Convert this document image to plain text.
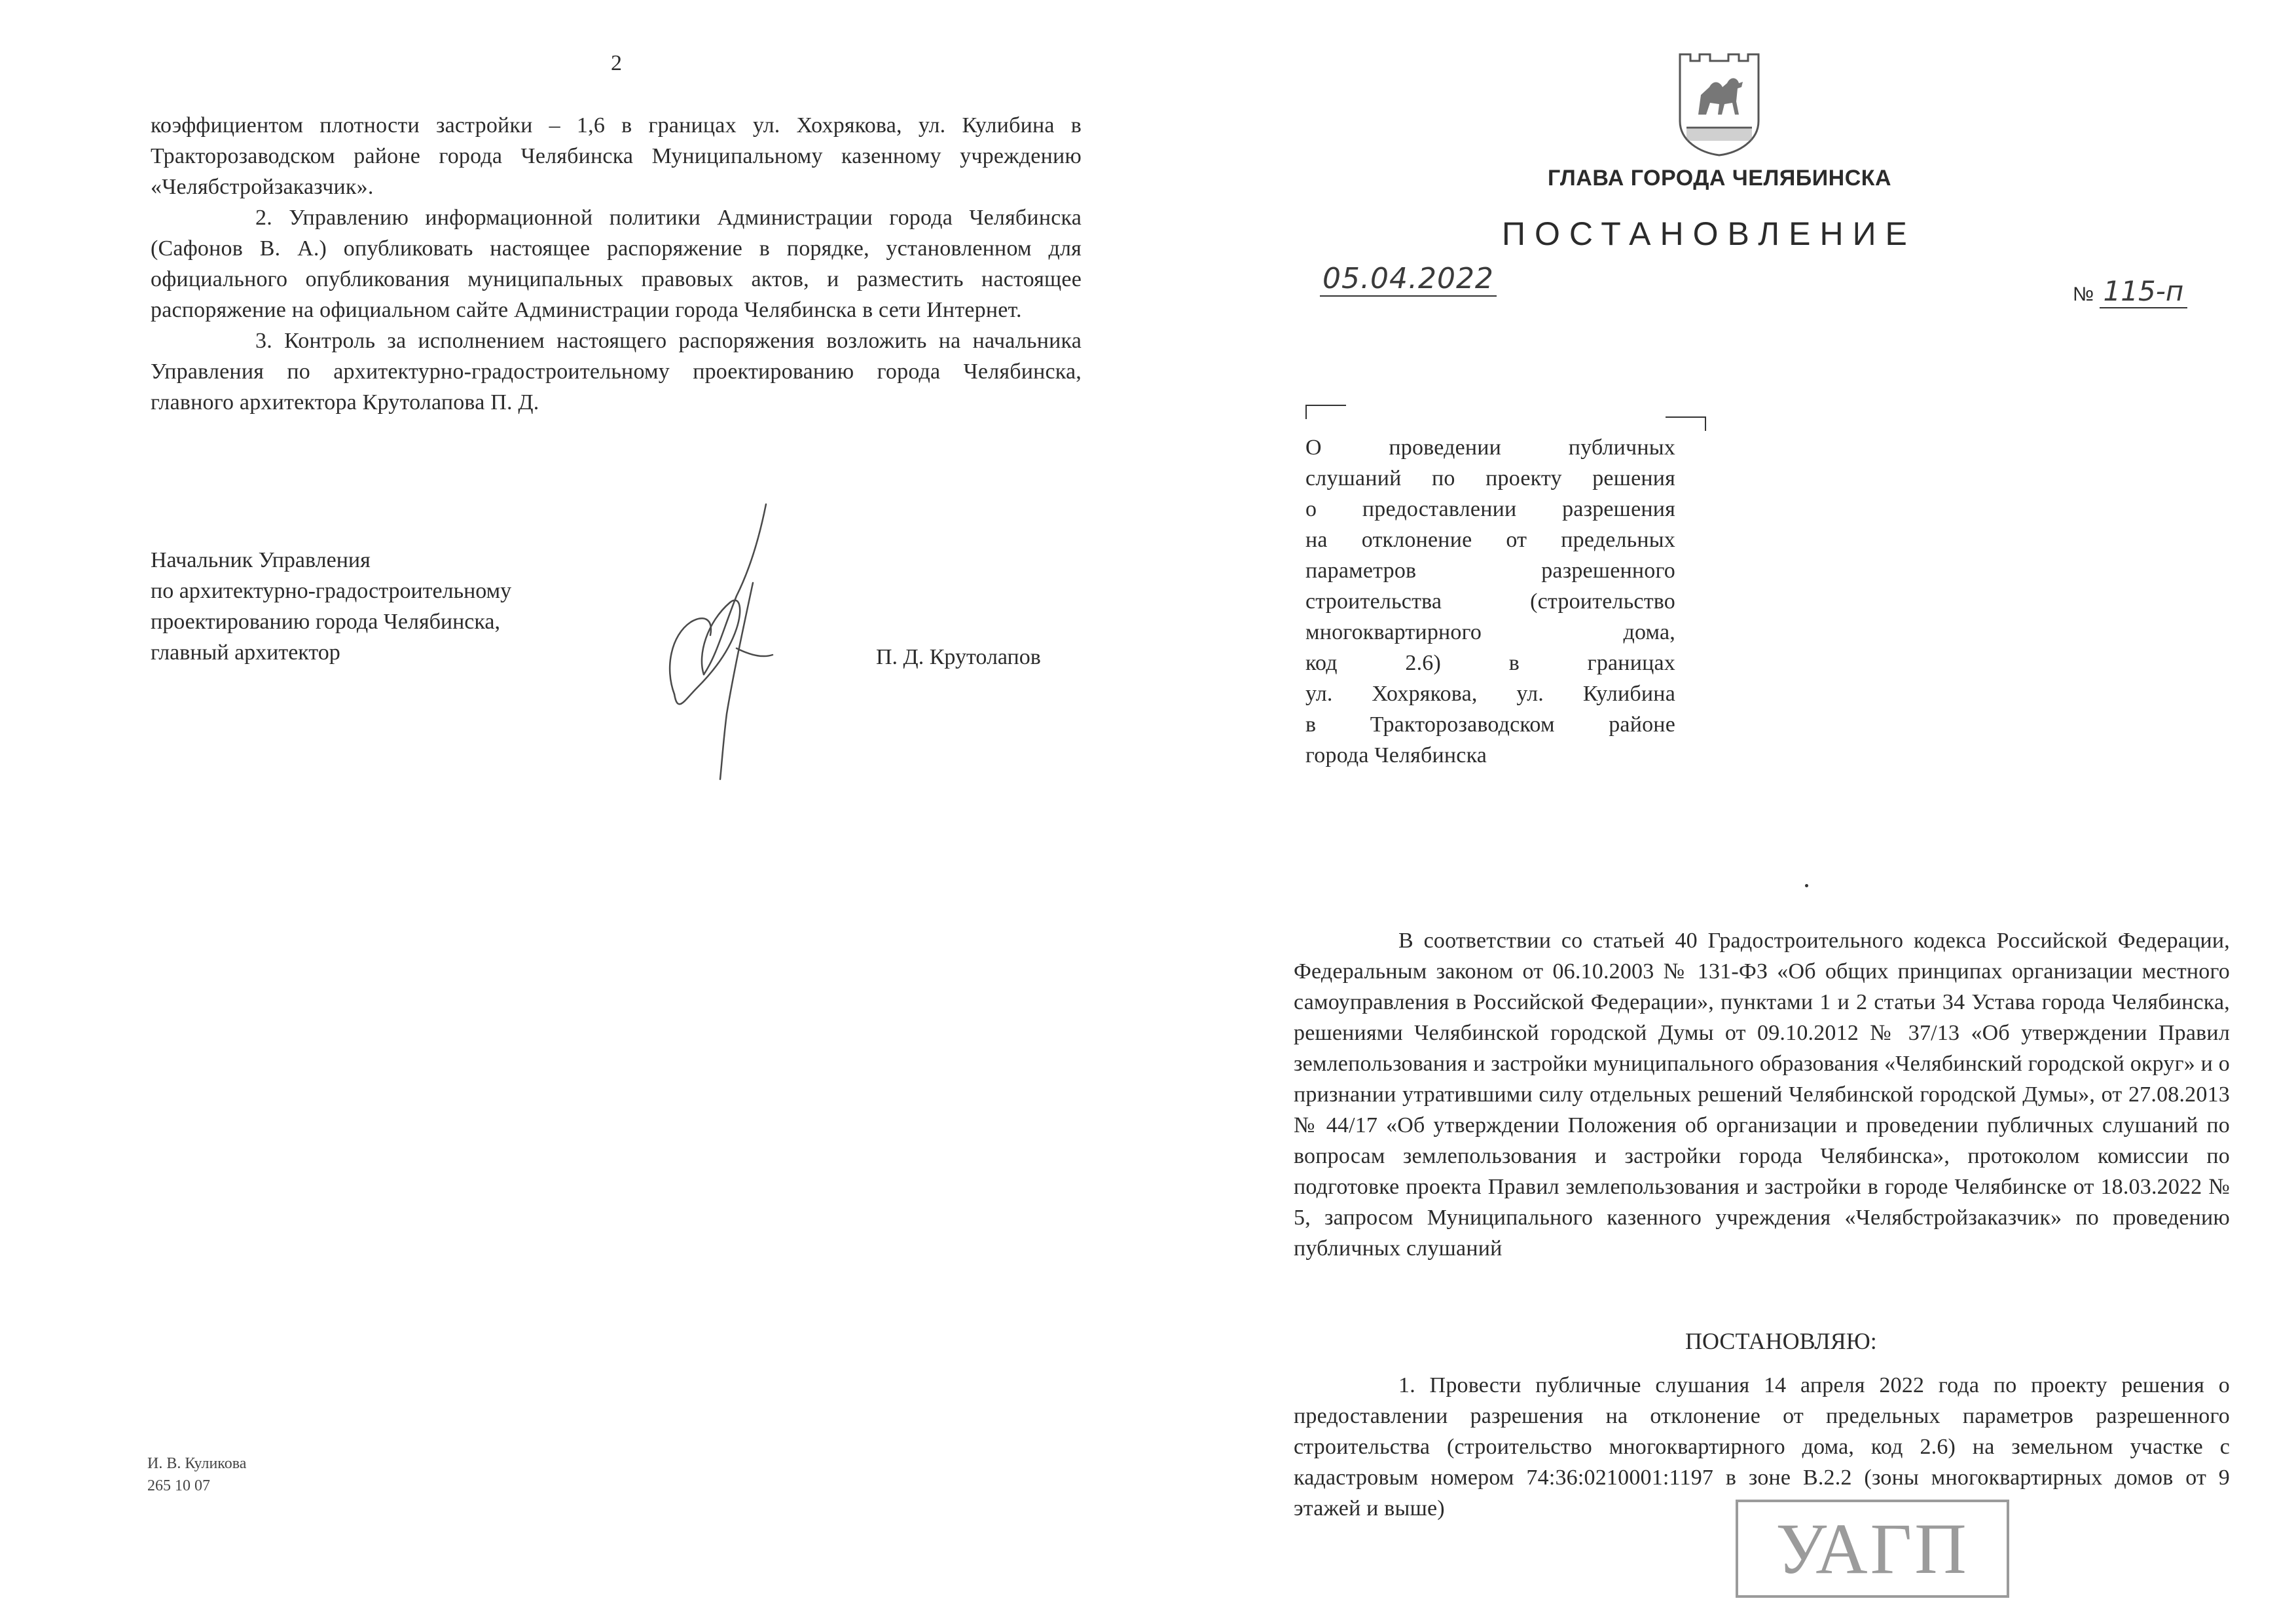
2

коэффициентом плотности застройки – 1,6 в границах ул. Хохрякова, ул. Кулибина в Тракторозаводском районе города Челябинска Муниципальному казенному учреждению «Челябстройзаказчик».

2. Управлению информационной политики Администрации города Челябинска (Сафонов В. А.) опубликовать настоящее распоряжение в порядке, установленном для официального опубликования муниципальных правовых актов, и разместить настоящее распоряжение на официальном сайте Администрации города Челябинска в сети Интернет.

3. Контроль за исполнением настоящего распоряжения возложить на начальника Управления по архитектурно-градостроительному проектированию города Челябинска, главного архитектора Крутолапова П. Д.

Начальник Управления
по архитектурно-градостроительному
проектированию города Челябинска,
главный архитектор	П. Д. Крутолапов
И. В. Куликова
265 10 07
ГЛАВА ГОРОДА ЧЕЛЯБИНСКА
ПОСТАНОВЛЕНИЕ
05.04.2022	№ 115-п
О проведении публичных
слушаний по проекту решения
о предоставлении разрешения
на отклонение от предельных
параметров разрешенного
строительства (строительство
многоквартирного дома,
код 2.6) в границах
ул. Хохрякова, ул. Кулибина
в Тракторозаводском районе
города Челябинска

В соответствии со статьей 40 Градостроительного кодекса Российской Федерации, Федеральным законом от 06.10.2003 № 131-ФЗ «Об общих принципах организации местного самоуправления в Российской Федерации», пунктами 1 и 2 статьи 34 Устава города Челябинска, решениями Челябинской городской Думы от 09.10.2012 № 37/13 «Об утверждении Правил землепользования и застройки муниципального образования «Челябинский городской округ» и о признании утратившими силу отдельных решений Челябинской городской Думы», от 27.08.2013 № 44/17 «Об утверждении Положения об организации и проведении публичных слушаний по вопросам землепользования и застройки города Челябинска», протоколом комиссии по подготовке проекта Правил землепользования и застройки в городе Челябинске от 18.03.2022 № 5, запросом Муниципального казенного учреждения «Челябстройзаказчик» по проведению публичных слушаний

ПОСТАНОВЛЯЮ:

1. Провести публичные слушания 14 апреля 2022 года по проекту решения о предоставлении разрешения на отклонение от предельных параметров разрешенного строительства (строительство многоквартирного дома, код 2.6) на земельном участке с кадастровым номером 74:36:0210001:1197 в зоне В.2.2 (зоны многоквартирных домов от 9 этажей и выше)	УАГП
